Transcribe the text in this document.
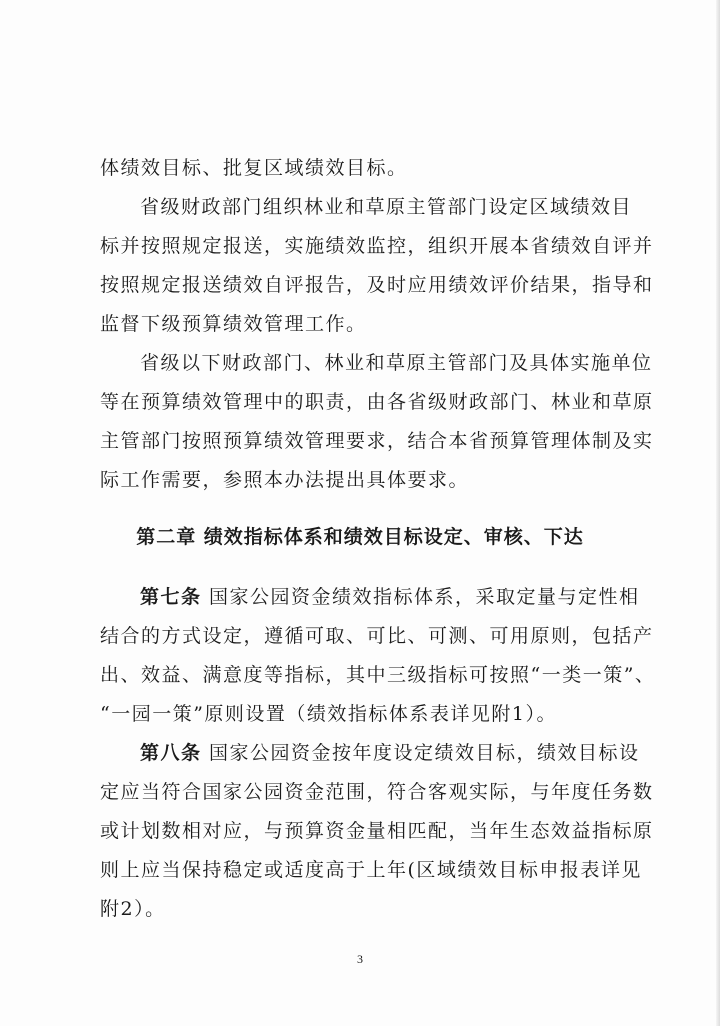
体绩效目标、批复区域绩效目标。
省级财政部门组织林业和草原主管部门设定区域绩效目
标并按照规定报送，实施绩效监控，组织开展本省绩效自评并
按照规定报送绩效自评报告，及时应用绩效评价结果，指导和
监督下级预算绩效管理工作。
省级以下财政部门、林业和草原主管部门及具体实施单位
等在预算绩效管理中的职责，由各省级财政部门、林业和草原
主管部门按照预算绩效管理要求，结合本省预算管理体制及实
际工作需要，参照本办法提出具体要求。
第二章 绩效指标体系和绩效目标设定、审核、下达
第七条 国家公园资金绩效指标体系，采取定量与定性相
结合的方式设定，遵循可取、可比、可测、可用原则，包括产
出、效益、满意度等指标，其中三级指标可按照“一类一策”、
“一园一策”原则设置（绩效指标体系表详见附1）。
第八条 国家公园资金按年度设定绩效目标，绩效目标设
定应当符合国家公园资金范围，符合客观实际，与年度任务数
或计划数相对应，与预算资金量相匹配，当年生态效益指标原
则上应当保持稳定或适度高于上年(区域绩效目标申报表详见
附2）。
3
